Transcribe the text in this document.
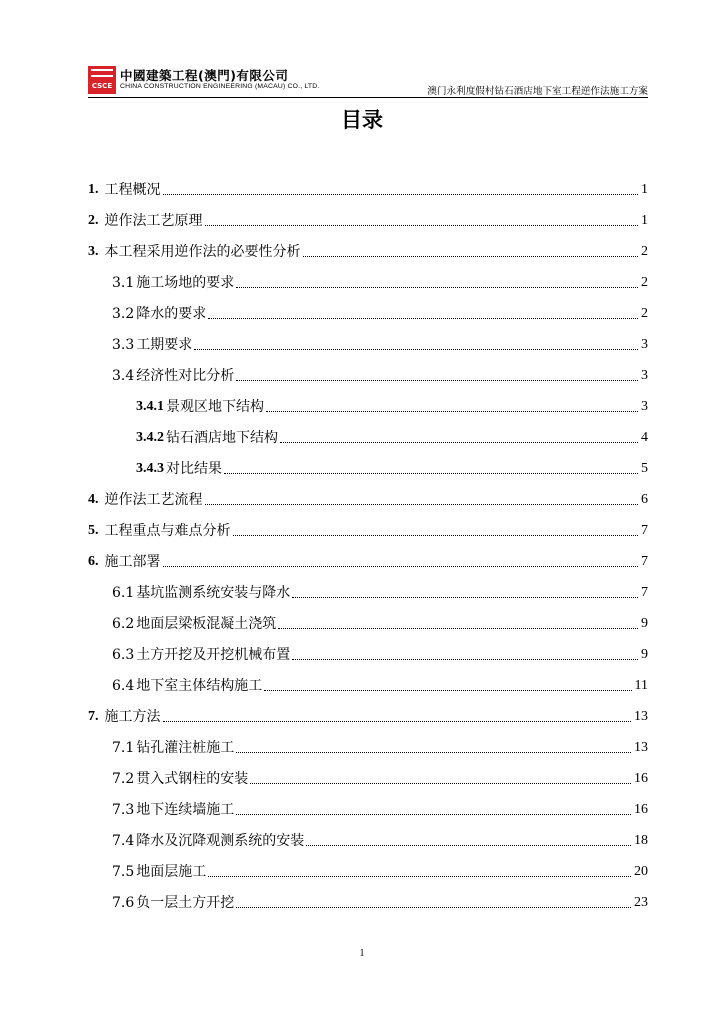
CSCE
中國建築工程(澳門)有限公司
CHINA CONSTRUCTION ENGINEERING (MACAU) CO., LTD.	澳门永利度假村钻石酒店地下室工程逆作法施工方案
目录
1. 工程概况	1
2. 逆作法工艺原理	1
3. 本工程采用逆作法的必要性分析	2
3.1 施工场地的要求	2
3.2 降水的要求	2
3.3 工期要求	3
3.4 经济性对比分析	3
3.4.1 景观区地下结构	3
3.4.2 钻石酒店地下结构	4
3.4.3 对比结果	5
4. 逆作法工艺流程	6
5. 工程重点与难点分析	7
6. 施工部署	7
6.1 基坑监测系统安装与降水	7
6.2 地面层梁板混凝土浇筑	9
6.3 土方开挖及开挖机械布置	9
6.4 地下室主体结构施工	11
7. 施工方法	13
7.1 钻孔灌注桩施工	13
7.2 贯入式钢柱的安装	16
7.3 地下连续墙施工	16
7.4 降水及沉降观测系统的安装	18
7.5 地面层施工	20
7.6 负一层土方开挖	23
1
